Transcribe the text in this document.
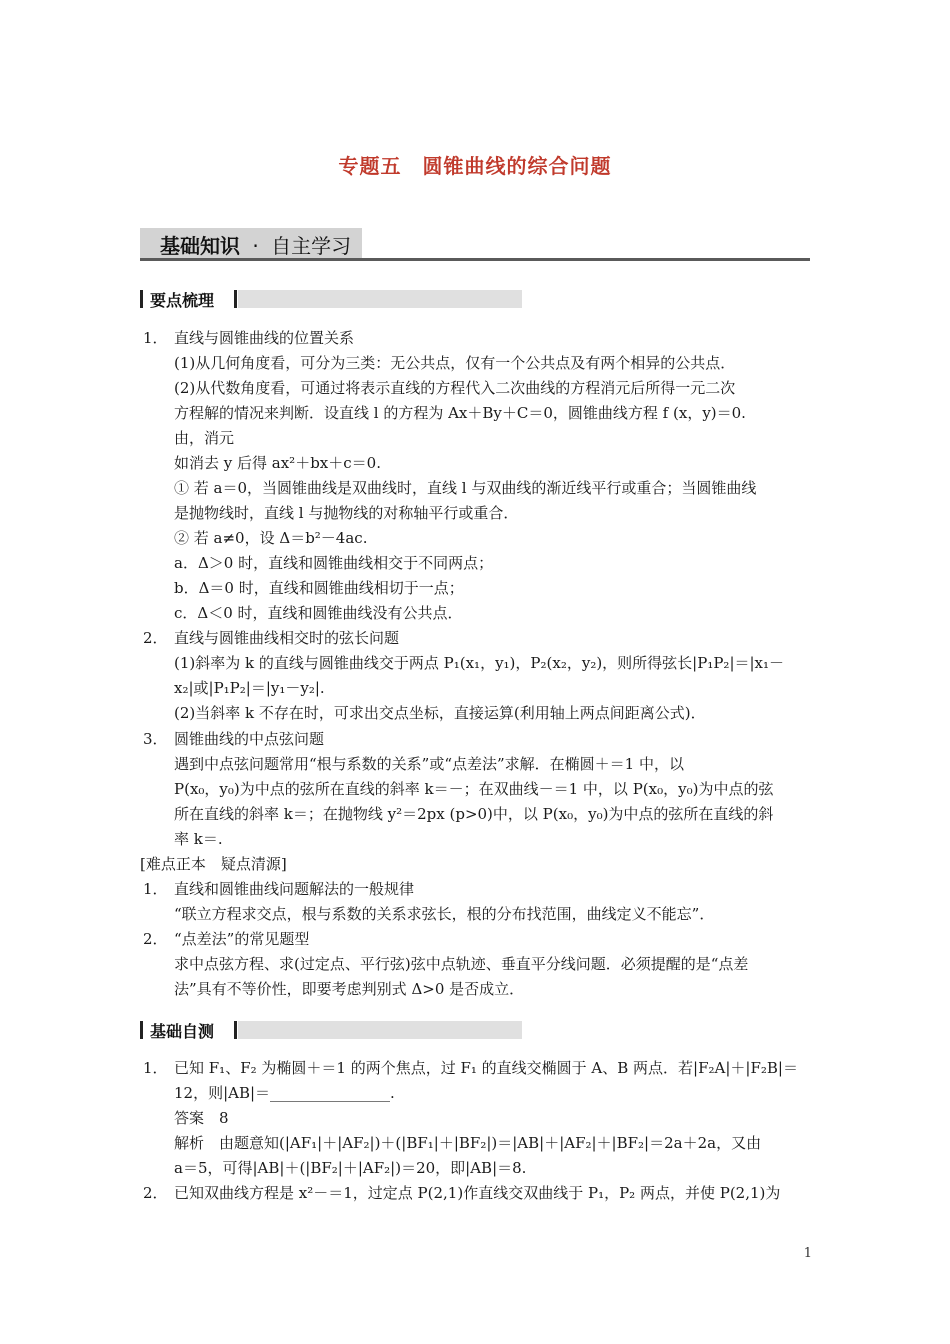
专题五　圆锥曲线的综合问题
基础知识 · 自主学习
要点梳理
基础自测
1．
2．
3．
1．
2．
1．
2．
直线与圆锥曲线的位置关系
(1)从几何角度看，可分为三类：无公共点，仅有一个公共点及有两个相异的公共点．
(2)从代数角度看，可通过将表示直线的方程代入二次曲线的方程消元后所得一元二次
方程解的情况来判断．设直线 l 的方程为 Ax＋By＋C＝0，圆锥曲线方程 f (x，y)＝0.
由，消元
如消去 y 后得 ax²＋bx＋c＝0.
① 若 a＝0，当圆锥曲线是双曲线时，直线 l 与双曲线的渐近线平行或重合；当圆锥曲线
是抛物线时，直线 l 与抛物线的对称轴平行或重合．
② 若 a≠0，设 Δ＝b²－4ac.
a．Δ＞0 时，直线和圆锥曲线相交于不同两点；
b．Δ＝0 时，直线和圆锥曲线相切于一点；
c．Δ＜0 时，直线和圆锥曲线没有公共点．
直线与圆锥曲线相交时的弦长问题
(1)斜率为 k 的直线与圆锥曲线交于两点 P₁(x₁，y₁)，P₂(x₂，y₂)，则所得弦长|P₁P₂|＝|x₁－
x₂|或|P₁P₂|＝|y₁－y₂|.
(2)当斜率 k 不存在时，可求出交点坐标，直接运算(利用轴上两点间距离公式)．
圆锥曲线的中点弦问题
遇到中点弦问题常用“根与系数的关系”或“点差法”求解．在椭圆＋＝1 中，以
P(x₀，y₀)为中点的弦所在直线的斜率 k＝－；在双曲线－＝1 中，以 P(x₀，y₀)为中点的弦
所在直线的斜率 k＝；在抛物线 y²＝2px (p>0)中，以 P(x₀，y₀)为中点的弦所在直线的斜
率 k＝.
[难点正本　疑点清源]
直线和圆锥曲线问题解法的一般规律
“联立方程求交点，根与系数的关系求弦长，根的分布找范围，曲线定义不能忘”．
“点差法”的常见题型
求中点弦方程、求(过定点、平行弦)弦中点轨迹、垂直平分线问题．必须提醒的是“点差
法”具有不等价性，即要考虑判别式 Δ>0 是否成立．
已知 F₁、F₂ 为椭圆＋＝1 的两个焦点，过 F₁ 的直线交椭圆于 A、B 两点．若|F₂A|＋|F₂B|＝
12，则|AB|＝________________.
答案　8
解析　由题意知(|AF₁|＋|AF₂|)＋(|BF₁|＋|BF₂|)＝|AB|＋|AF₂|＋|BF₂|＝2a＋2a，又由
a＝5，可得|AB|＋(|BF₂|＋|AF₂|)＝20，即|AB|＝8.
已知双曲线方程是 x²－＝1，过定点 P(2,1)作直线交双曲线于 P₁，P₂ 两点，并使 P(2,1)为
1
